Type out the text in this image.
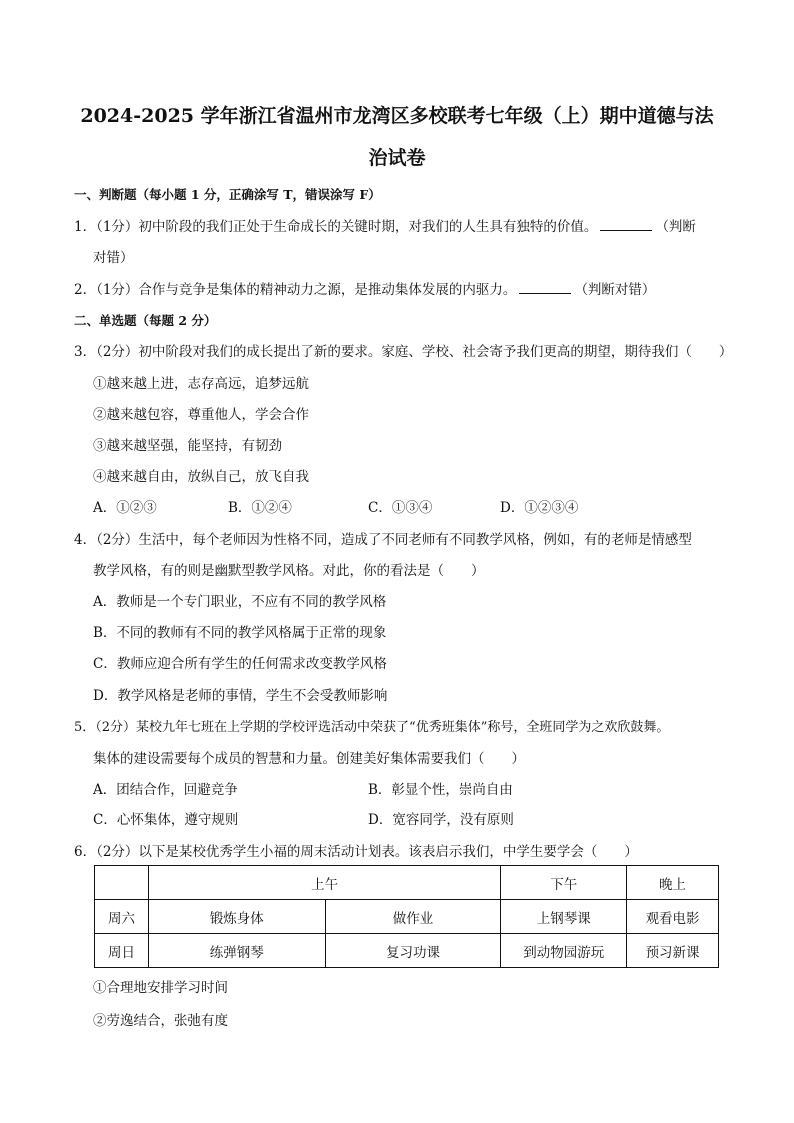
2024-2025 学年浙江省温州市龙湾区多校联考七年级（上）期中道德与法
治试卷
一、判断题（每小题 1 分，正确涂写 T，错误涂写 F）
1．（1分）初中阶段的我们正处于生命成长的关键时期，对我们的人生具有独特的价值。	（判断
对错）
2．（1分）合作与竞争是集体的精神动力之源，是推动集体发展的内驱力。	（判断对错）
二、单选题（每题 2 分）
3．（2分）初中阶段对我们的成长提出了新的要求。家庭、学校、社会寄予我们更高的期望，期待我们（　　）
①越来越上进，志存高远，追梦远航
②越来越包容，尊重他人，学会合作
③越来越坚强，能坚持，有韧劲
④越来越自由，放纵自己，放飞自我
A．①②③	B．①②④	C．①③④	D．①②③④
4．（2分）生活中，每个老师因为性格不同，造成了不同老师有不同教学风格，例如，有的老师是情感型
教学风格，有的则是幽默型教学风格。对此，你的看法是（　　）
A．教师是一个专门职业，不应有不同的教学风格
B．不同的教师有不同的教学风格属于正常的现象
C．教师应迎合所有学生的任何需求改变教学风格
D．教学风格是老师的事情，学生不会受教师影响
5．（2分）某校九年七班在上学期的学校评选活动中荣获了“优秀班集体”称号，全班同学为之欢欣鼓舞。
集体的建设需要每个成员的智慧和力量。创建美好集体需要我们（　　）
A．团结合作，回避竞争	B．彰显个性，崇尚自由
C．心怀集体，遵守规则	D．宽容同学，没有原则
6．（2分）以下是某校优秀学生小福的周末活动计划表。该表启示我们，中学生要学会（　　）
	上午		下午	晚上
周六	锻炼身体	做作业	上钢琴课	观看电影
周日	练弹钢琴	复习功课	到动物园游玩	预习新课
①合理地安排学习时间
②劳逸结合，张弛有度
